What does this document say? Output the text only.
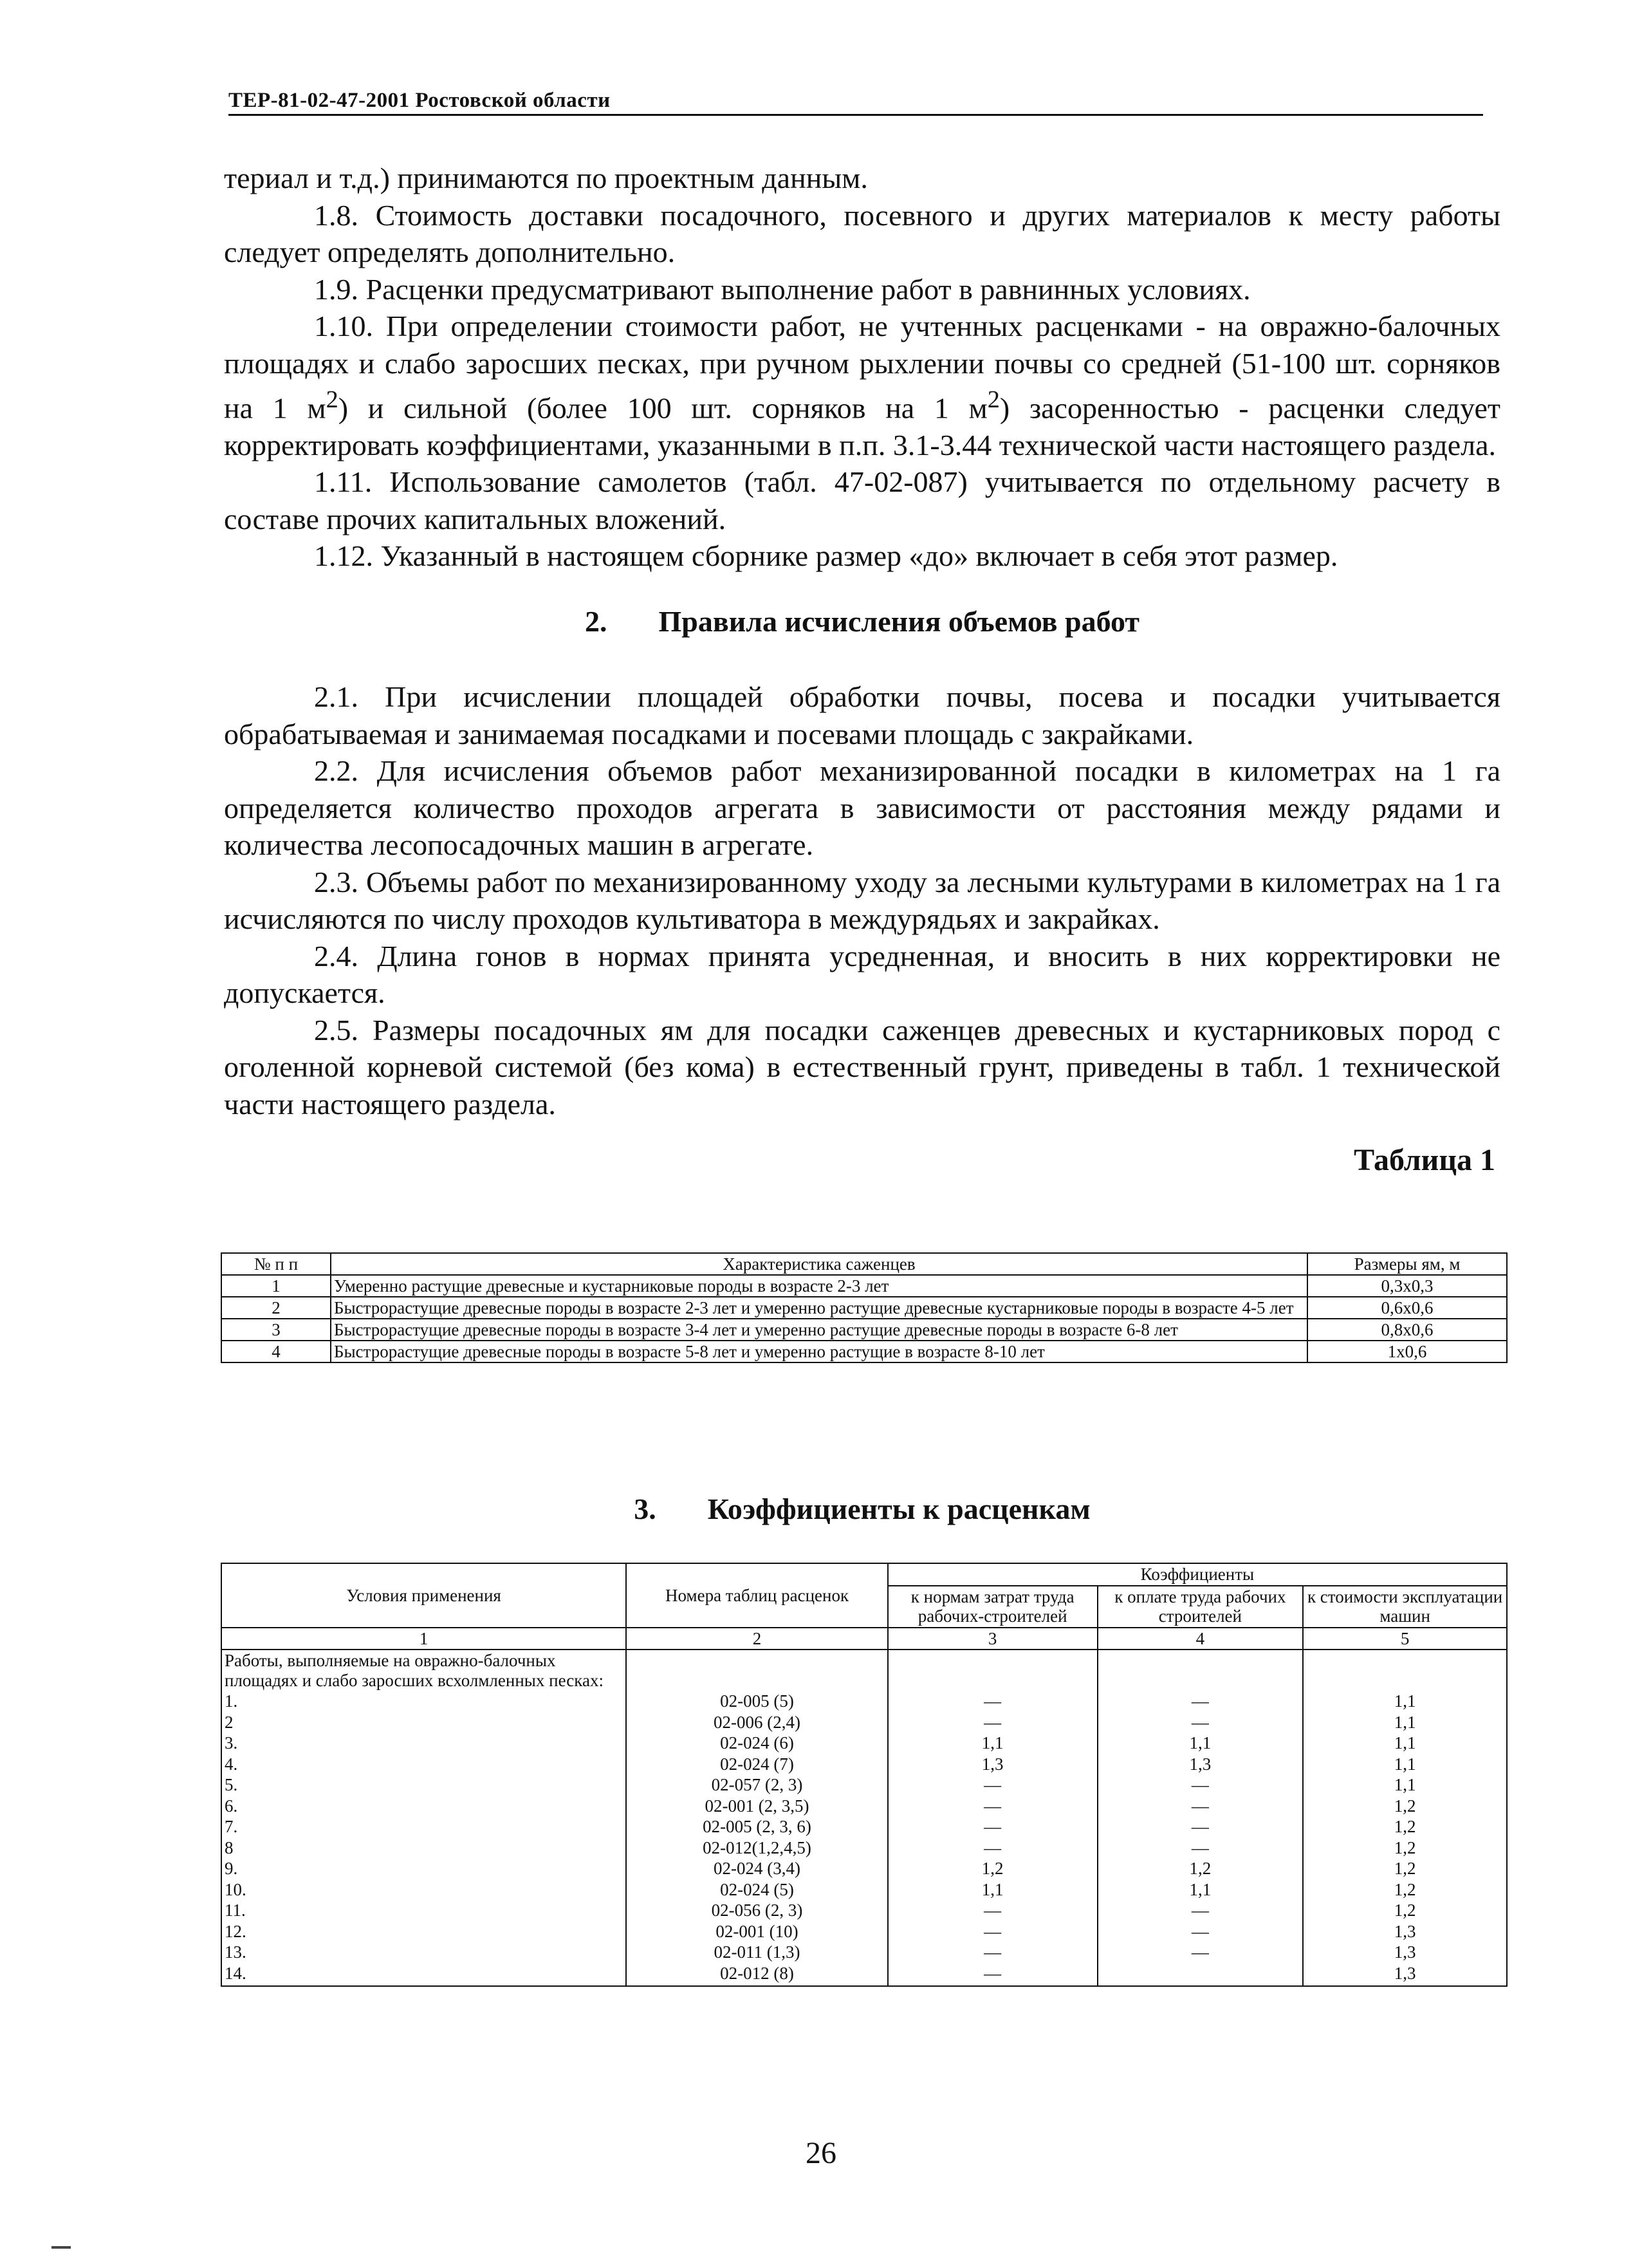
ТЕР-81-02-47-2001 Ростовской области

териал и т.д.) принимаются по проектным данным.

1.8. Стоимость доставки посадочного, посевного и других материалов к месту работы следует определять дополнительно.

1.9. Расценки предусматривают выполнение работ в равнинных условиях.

1.10. При определении стоимости работ, не учтенных расценками - на овражно-балочных площадях и слабо заросших песках, при ручном рыхлении почвы со средней (51-100 шт. сорняков на 1 $м^2$) и сильной (более 100 шт. сорняков на 1 $м^2$) засоренностью - расценки следует корректировать коэффициентами, указанными в п.п. 3.1-3.44 технической части настоящего раздела.

1.11. Использование самолетов (табл. 47-02-087) учитывается по отдельному расчету в составе прочих капитальных вложений.

1.12. Указанный в настоящем сборнике размер «до» включает в себя этот размер.

2. Правила исчисления объемов работ

2.1. При исчислении площадей обработки почвы, посева и посадки учитывается обрабатываемая и занимаемая посадками и посевами площадь с закрайками.

2.2. Для исчисления объемов работ механизированной посадки в километрах на 1 га определяется количество проходов агрегата в зависимости от расстояния между рядами и количества лесопосадочных машин в агрегате.

2.3. Объемы работ по механизированному уходу за лесными культурами в километрах на 1 га исчисляются по числу проходов культиватора в междурядьях и закрайках.

2.4. Длина гонов в нормах принята усредненная, и вносить в них корректировки не допускается.

2.5. Размеры посадочных ям для посадки саженцев древесных и кустарниковых пород с оголенной корневой системой (без кома) в естественный грунт, приведены в табл. 1 технической части настоящего раздела.

Таблица 1
№ п п	Характеристика саженцев	Размеры ям, м
1	Умеренно растущие древесные и кустарниковые породы в возрасте 2-3 лет	0,3х0,3
2	Быстрорастущие древесные породы в возрасте 2-3 лет и умеренно растущие древесные кустарниковые породы в возрасте 4-5 лет	0,6х0,6
3	Быстрорастущие древесные породы в возрасте 3-4 лет и умеренно растущие древесные породы в возрасте 6-8 лет	0,8х0,6
4	Быстрорастущие древесные породы в возрасте 5-8 лет и умеренно растущие в возрасте 8-10 лет	1х0,6
3. Коэффициенты к расценкам
Условия применения	Номера таблиц расценок	Коэффициенты		
		к нормам затрат труда рабочих-строителей	к оплате труда рабочих строителей	к стоимости эксплуатации машин
1	2	3	4	5
Работы, выполняемые на овражно-балочных площадях и слабо заросших всхолмленных песках:				
1.	02-005 (5)	—	—	1,1
2	02-006 (2,4)	—	—	1,1
3.	02-024 (6)	1,1	1,1	1,1
4.	02-024 (7)	1,3	1,3	1,1
5.	02-057 (2, 3)	—	—	1,1
6.	02-001 (2, 3,5)	—	—	1,2
7.	02-005 (2, 3, 6)	—	—	1,2
8	02-012(1,2,4,5)	—	—	1,2
9.	02-024 (3,4)	1,2	1,2	1,2
10.	02-024 (5)	1,1	1,1	1,2
11.	02-056 (2, 3)	—	—	1,2
12.	02-001 (10)	—	—	1,3
13.	02-011 (1,3)	—	—	1,3
14.	02-012 (8)	—		1,3

26
